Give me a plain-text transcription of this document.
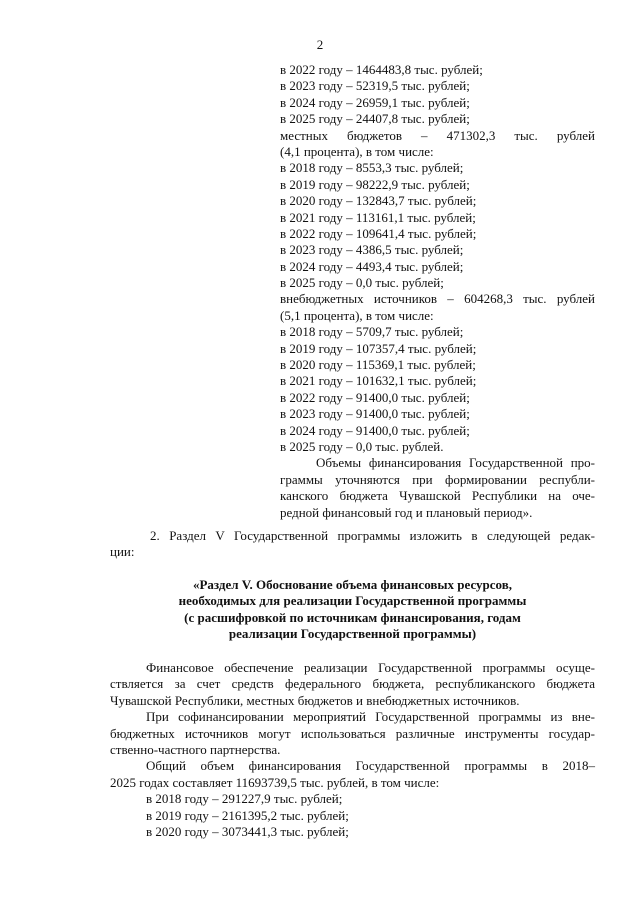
2
в 2022 году – 1464483,8 тыс. рублей;
в 2023 году – 52319,5 тыс. рублей;
в 2024 году – 26959,1 тыс. рублей;
в 2025 году – 24407,8 тыс. рублей;
местных бюджетов – 471302,3 тыс. рублей
(4,1 процента), в том числе:
в 2018 году – 8553,3 тыс. рублей;
в 2019 году – 98222,9 тыс. рублей;
в 2020 году – 132843,7 тыс. рублей;
в 2021 году – 113161,1 тыс. рублей;
в 2022 году – 109641,4 тыс. рублей;
в 2023 году – 4386,5 тыс. рублей;
в 2024 году – 4493,4 тыс. рублей;
в 2025 году – 0,0 тыс. рублей;
внебюджетных источников – 604268,3 тыс. рублей
(5,1 процента), в том числе:
в 2018 году – 5709,7 тыс. рублей;
в 2019 году – 107357,4 тыс. рублей;
в 2020 году – 115369,1 тыс. рублей;
в 2021 году – 101632,1 тыс. рублей;
в 2022 году – 91400,0 тыс. рублей;
в 2023 году – 91400,0 тыс. рублей;
в 2024 году – 91400,0 тыс. рублей;
в 2025 году – 0,0 тыс. рублей.
Объемы финансирования Государственной про-
граммы уточняются при формировании республи-
канского бюджета Чувашской Республики на оче-
редной финансовый год и плановый период».
2. Раздел V Государственной программы изложить в следующей редак-
ции:
«Раздел V. Обоснование объема финансовых ресурсов,
необходимых для реализации Государственной программы
(с расшифровкой по источникам финансирования, годам
реализации Государственной программы)
Финансовое обеспечение реализации Государственной программы осуще-
ствляется за счет средств федерального бюджета, республиканского бюджета
Чувашской Республики, местных бюджетов и внебюджетных источников.
При софинансировании мероприятий Государственной программы из вне-
бюджетных источников могут использоваться различные инструменты государ-
ственно-частного партнерства.
Общий объем финансирования Государственной программы в 2018–
2025 годах составляет 11693739,5 тыс. рублей, в том числе:
в 2018 году – 291227,9 тыс. рублей;
в 2019 году – 2161395,2 тыс. рублей;
в 2020 году – 3073441,3 тыс. рублей;
